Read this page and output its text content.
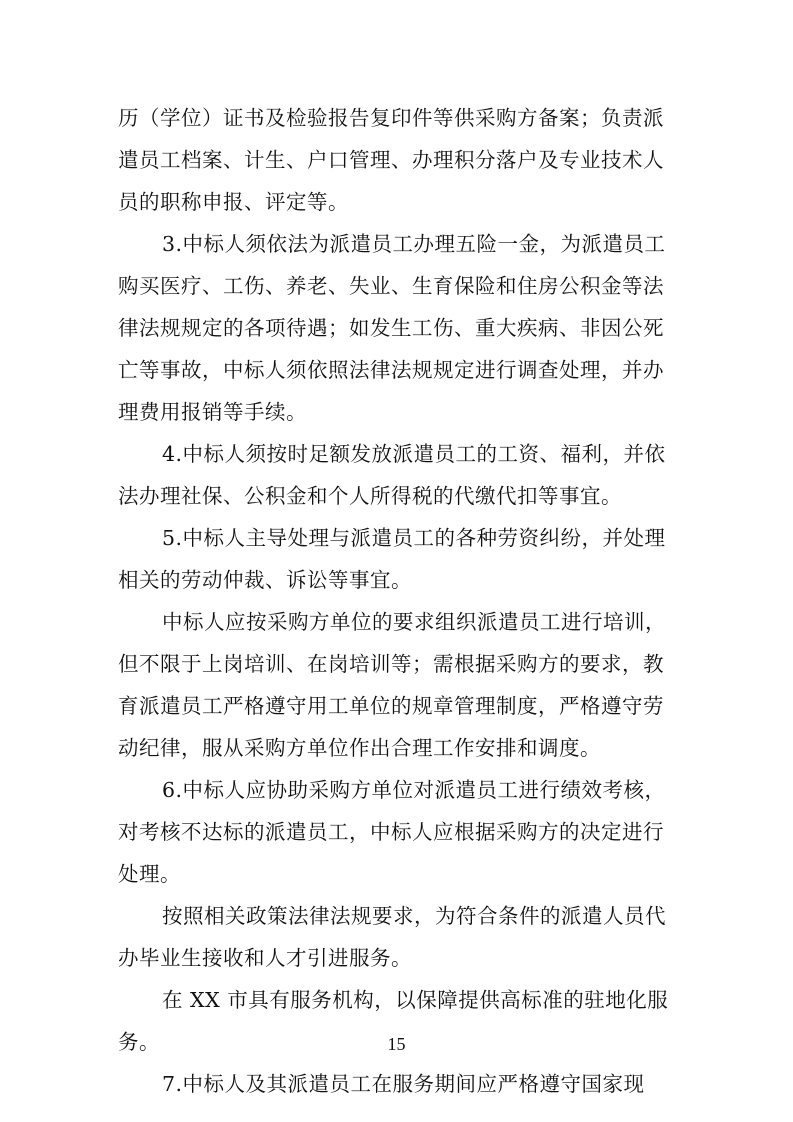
历（学位）证书及检验报告复印件等供采购方备案；负责派
遣员工档案、计生、户口管理、办理积分落户及专业技术人
员的职称申报、评定等。
3.中标人须依法为派遣员工办理五险一金，为派遣员工
购买医疗、工伤、养老、失业、生育保险和住房公积金等法
律法规规定的各项待遇；如发生工伤、重大疾病、非因公死
亡等事故，中标人须依照法律法规规定进行调查处理，并办
理费用报销等手续。
4.中标人须按时足额发放派遣员工的工资、福利，并依
法办理社保、公积金和个人所得税的代缴代扣等事宜。
5.中标人主导处理与派遣员工的各种劳资纠纷，并处理
相关的劳动仲裁、诉讼等事宜。
中标人应按采购方单位的要求组织派遣员工进行培训，
但不限于上岗培训、在岗培训等；需根据采购方的要求，教
育派遣员工严格遵守用工单位的规章管理制度，严格遵守劳
动纪律，服从采购方单位作出合理工作安排和调度。
6.中标人应协助采购方单位对派遣员工进行绩效考核，
对考核不达标的派遣员工，中标人应根据采购方的决定进行
处理。
按照相关政策法律法规要求，为符合条件的派遣人员代
办毕业生接收和人才引进服务。
在 XX 市具有服务机构，以保障提供高标准的驻地化服
务。
7.中标人及其派遣员工在服务期间应严格遵守国家现
15
